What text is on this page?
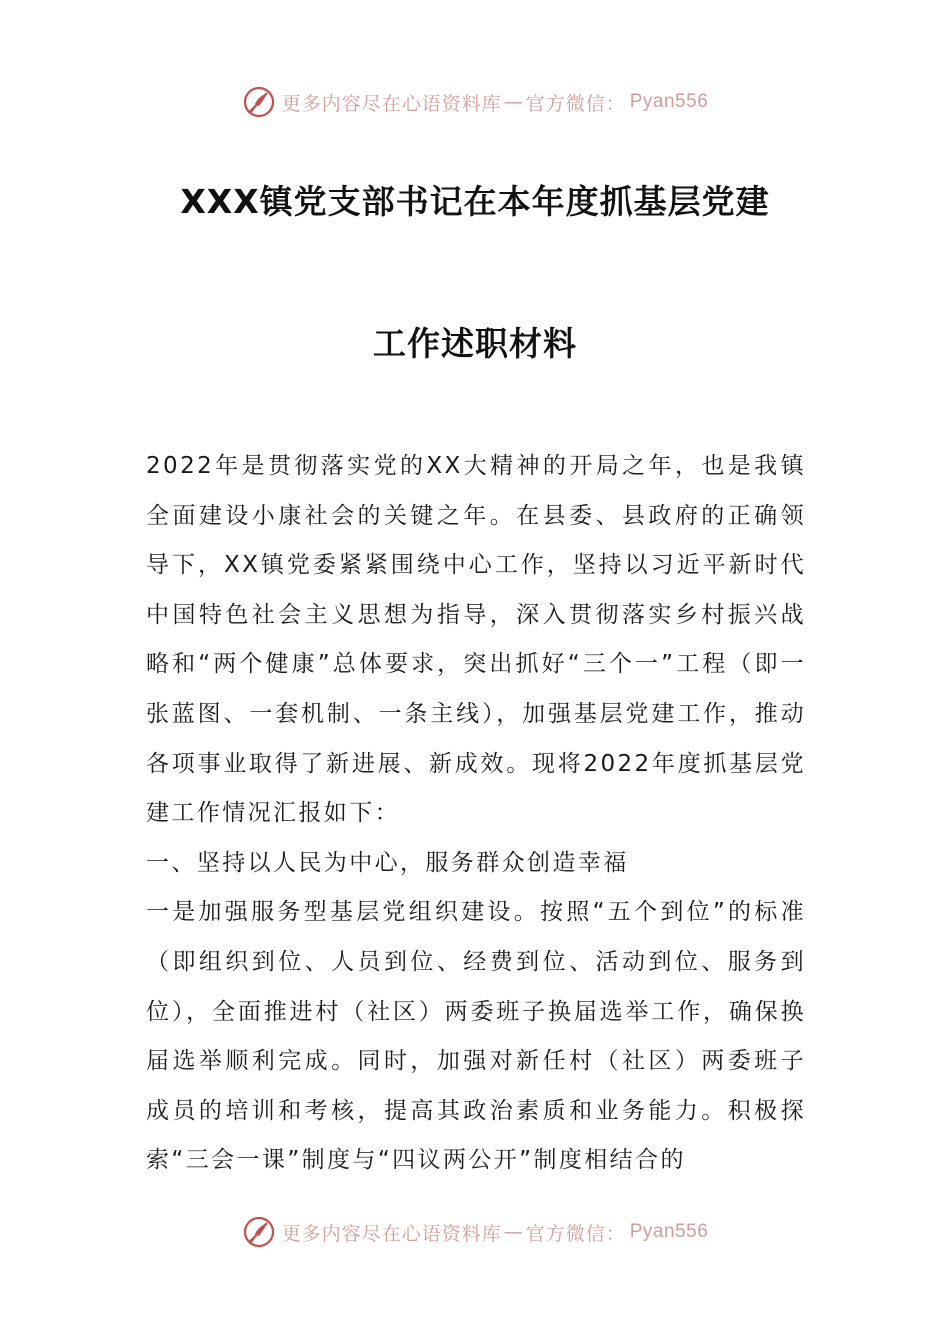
更多内容尽在心语资料库 — 官方微信： Pyan556
XXX镇党支部书记在本年度抓基层党建
工作述职材料

2022年是贯彻落实党的XX大精神的开局之年，也是我镇全面建设小康社会的关键之年。在县委、县政府的正确领导下，XX镇党委紧紧围绕中心工作，坚持以习近平新时代中国特色社会主义思想为指导，深入贯彻落实乡村振兴战略和“两个健康”总体要求，突出抓好“三个一”工程（即一张蓝图、一套机制、一条主线），加强基层党建工作，推动各项事业取得了新进展、新成效。现将2022年度抓基层党建工作情况汇报如下：

一、坚持以人民为中心，服务群众创造幸福

一是加强服务型基层党组织建设。按照“五个到位”的标准（即组织到位、人员到位、经费到位、活动到位、服务到位），全面推进村（社区）两委班子换届选举工作，确保换届选举顺利完成。同时，加强对新任村（社区）两委班子成员的培训和考核，提高其政治素质和业务能力。积极探索“三会一课”制度与“四议两公开”制度相结合的

更多内容尽在心语资料库 — 官方微信： Pyan556
